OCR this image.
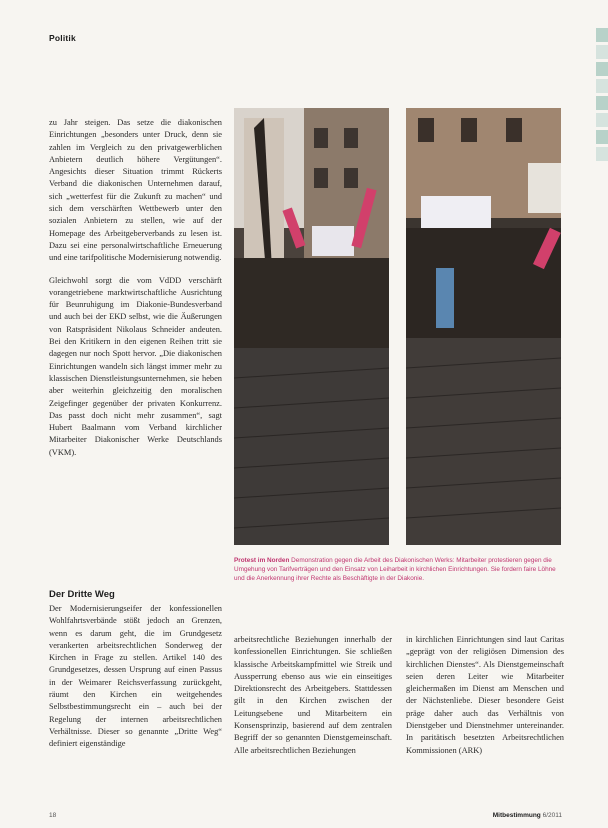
Politik

zu Jahr steigen. Das setze die diakonischen Einrichtungen „besonders unter Druck, denn sie zahlen im Vergleich zu den privatgewerblichen Anbietern deutlich höhere Vergütungen“. Angesichts dieser Situation trimmt Rückerts Verband die diakonischen Unternehmen darauf, sich „wetterfest für die Zukunft zu machen“ und sich dem verschärften Wettbewerb unter den sozialen Anbietern zu stellen, wie auf der Homepage des Arbeitgeberverbands zu lesen ist. Dazu sei eine personalwirtschaftliche Erneuerung und eine tarifpolitische Modernisierung notwendig.

Gleichwohl sorgt die vom VdDD verschärft vorangetriebene marktwirtschaftliche Ausrichtung für Beunruhigung im Diakonie-Bundesverband und auch bei der EKD selbst, wie die Äußerungen von Ratspräsident Nikolaus Schneider andeuten. Bei den Kritikern in den eigenen Reihen tritt sie dagegen nur noch Spott hervor. „Die diakonischen Einrichtungen wandeln sich längst immer mehr zu klassischen Dienstleistungsunternehmen, sie heben aber weiterhin gleichzeitig den moralischen Zeigefinger gegenüber der privaten Konkurrenz. Das passt doch nicht mehr zusammen“, sagt Hubert Baalmann vom Verband kirchlicher Mitarbeiter Diakonischer Werke Deutschlands (VKM).

Der Dritte Weg

Der Modernisierungseifer der konfessionellen Wohlfahrtsverbände stößt jedoch an Grenzen, wenn es darum geht, die im Grundgesetz verankerten arbeitsrechtlichen Sonderweg der Kirchen in Frage zu stellen. Artikel 140 des Grundgesetzes, dessen Ursprung auf einen Passus in der Weimarer Reichsverfassung zurückgeht, räumt den Kirchen ein weitgehendes Selbstbestimmungsrecht ein – auch bei der Regelung der internen arbeitsrechtlichen Verhältnisse. Dieser so genannte „Dritte Weg“ definiert eigenständige

Protest im Norden Demonstration gegen die Arbeit des Diakonischen Werks: Mitarbeiter protestieren gegen die Umgehung von Tarifverträgen und den Einsatz von Leiharbeit in kirchlichen Einrichtungen. Sie fordern faire Löhne und die Anerkennung ihrer Rechte als Beschäftigte in der Diakonie.

arbeitsrechtliche Beziehungen innerhalb der konfessionellen Einrichtungen. Sie schließen klassische Arbeitskampfmittel wie Streik und Aussperrung ebenso aus wie ein einseitiges Direktionsrecht des Arbeitgebers. Stattdessen gilt in den Kirchen zwischen der Leitungsebene und Mitarbeitern ein Konsensprinzip, basierend auf dem zentralen Begriff der so genannten Dienstgemeinschaft. Alle arbeitsrechtlichen Beziehungen

in kirchlichen Einrichtungen sind laut Caritas „geprägt von der religiösen Dimension des kirchlichen Dienstes“. Als Dienstgemeinschaft seien deren Leiter wie Mitarbeiter gleichermaßen im Dienst am Menschen und der Nächstenliebe. Dieser besondere Geist präge daher auch das Verhältnis von Dienstgeber und Dienstnehmer untereinander. In paritätisch besetzten Arbeitsrechtlichen Kommissionen (ARK)

18	Mitbestimmung 6/2011
